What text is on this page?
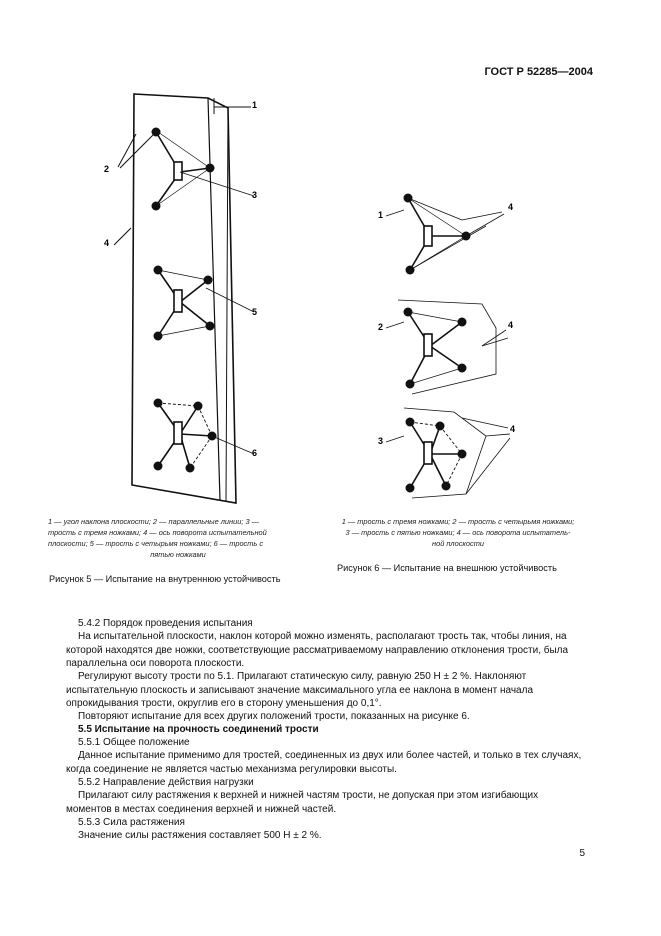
ГОСТ Р 52285—2004
1
2
3
4
5
6
1
2
3
4
4
4
1 — угол наклона плоскости; 2 — параллельные линии; 3 —
трость с тремя ножками; 4 — ось поворота испытательной
плоскости; 5 — трость с четырьмя ножками; 6 — трость с
пятью ножками
Рисунок 5 — Испытание на внутреннюю устойчивость
1 — трость с тремя ножками; 2 — трость с четырьмя ножками;
3 — трость с пятью ножками; 4 — ось поворота испытатель-
ной плоскости
Рисунок 6 — Испытание на внешнюю устойчивость
5.4.2 Порядок проведения испытания
На испытательной плоскости, наклон которой можно изменять, располагают трость так, чтобы линия, на которой находятся две ножки, соответствующие рассматриваемому направлению отклонения трости, была параллельна оси поворота плоскости.
Регулируют высоту трости по 5.1. Прилагают статическую силу, равную 250 Н ± 2 %. Наклоняют испытательную плоскость и записывают значение максимального угла ее наклона в момент начала опрокидывания трости, округлив его в сторону уменьшения до 0,1°.
Повторяют испытание для всех других положений трости, показанных на рисунке 6.
5.5 Испытание на прочность соединений трости
5.5.1 Общее положение
Данное испытание применимо для тростей, соединенных из двух или более частей, и только в тех случаях, когда соединение не является частью механизма регулировки высоты.
5.5.2 Направление действия нагрузки
Прилагают силу растяжения к верхней и нижней частям трости, не допуская при этом изгибающих моментов в местах соединения верхней и нижней частей.
5.5.3 Сила растяжения
Значение силы растяжения составляет 500 Н ± 2 %.
5
